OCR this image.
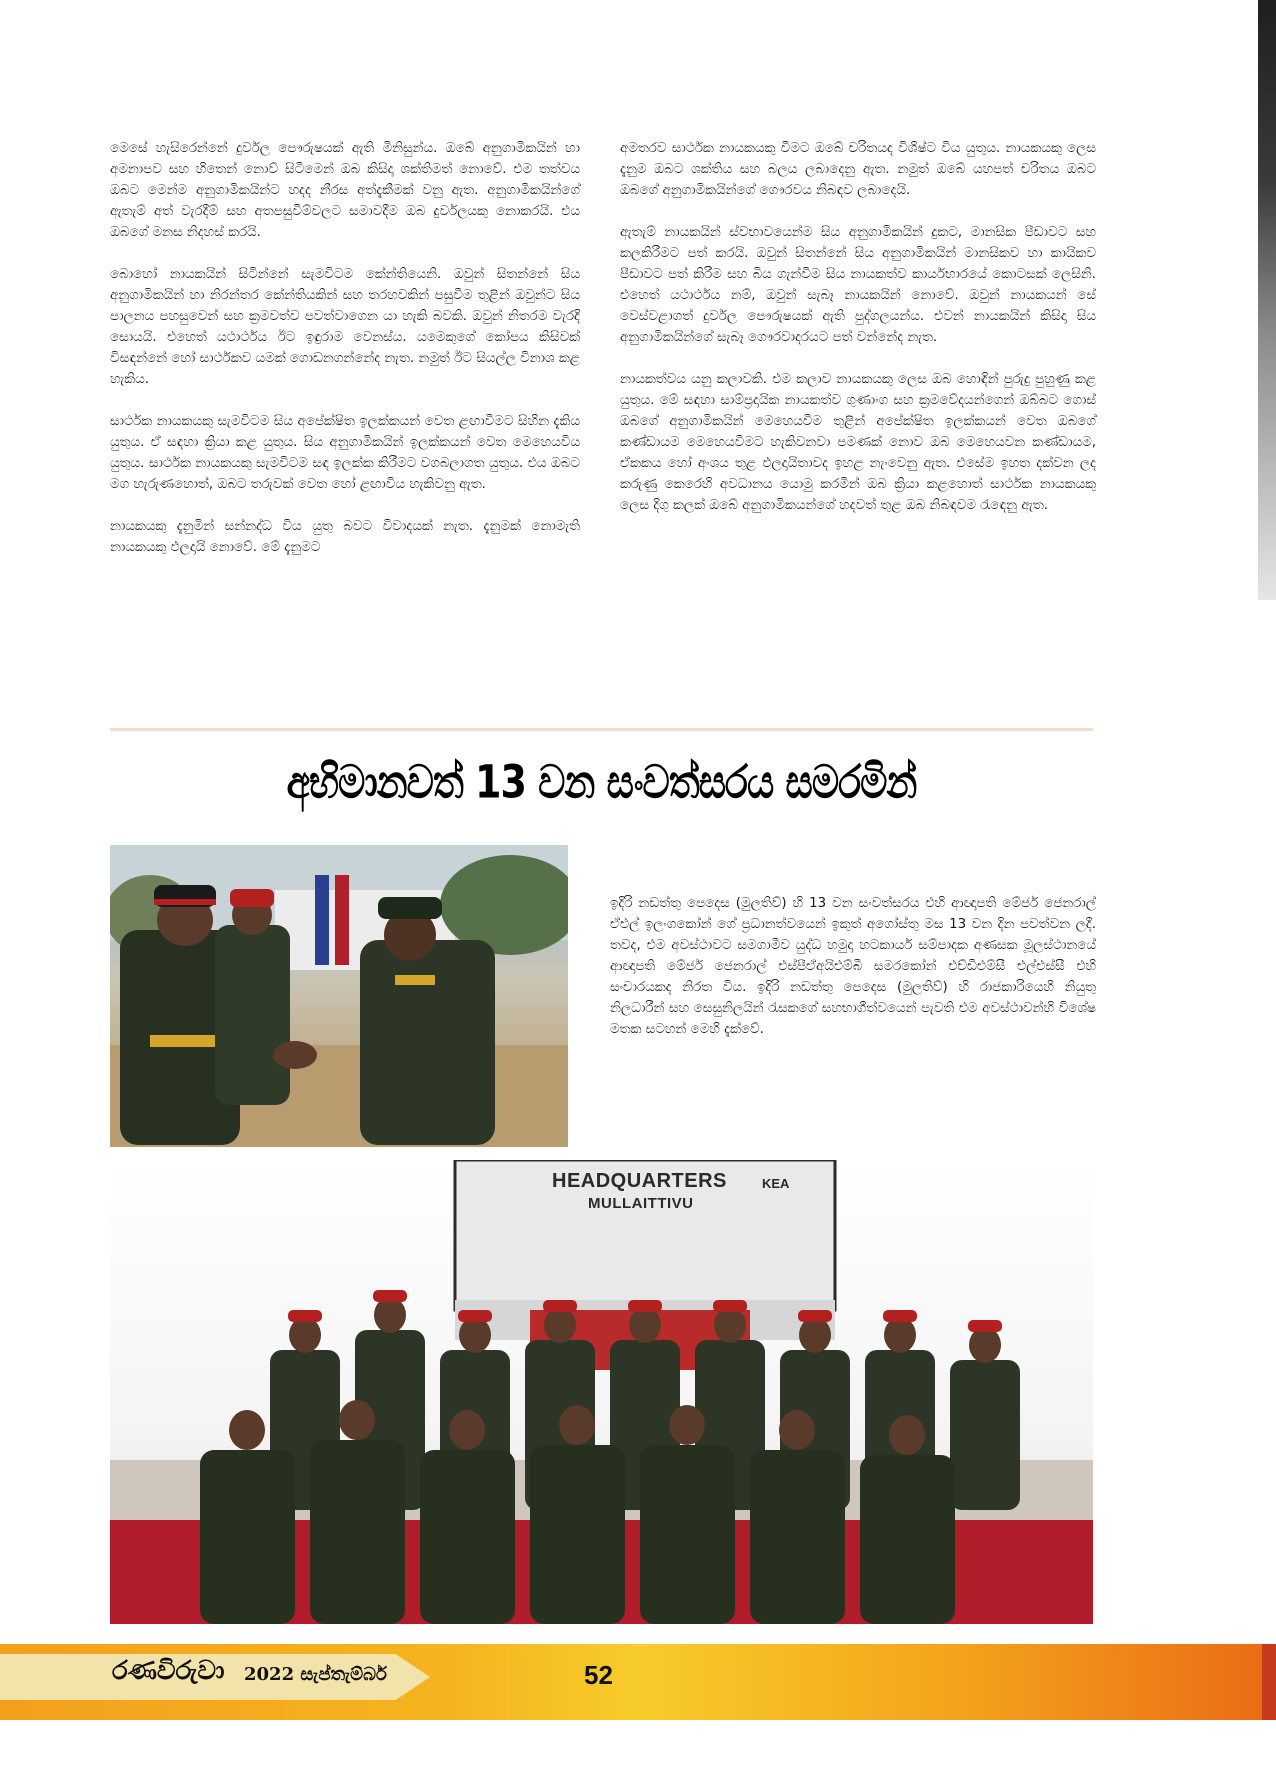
මෙසේ හැසිරෙන්නේ දුර්වල පෞරුෂයක් ඇති මිනිසුන්ය. ඔබේ අනුගාමිකයින් හා අමනාපව සහ හිතෙන් නොව් සිටීමෙන් ඔබ කිසිදා ශක්තිමත් නොවේ. එම තත්වය ඔබට මෙන්ම අනුගාමිකයින්ට හදද නීරස අත්දැකීමක් වනු ඇත. අනුගාමිකයින්ගේ ඇතැම් අත් වැරදීම් සහ අතපසුවීම්වලට සමාවදීම ඔබ දුර්වලයකු නොකරයි. එය ඔබගේ මනස නිදහස් කරයි.

බොහෝ නායකයින් සිටින්නේ සැමවිටම කේන්තියෙනි. ඔවුන් සිතන්නේ සිය අනුගාමිකයින් හා නිරන්තර කේන්තියකින් සහ තරහවකින් පසුවීම තුළින් ඔවුන්ට සිය පාලනය පහසුවෙන් සහ ක්‍රමවත්ව පවත්වාගෙන යා හැකි බවකි. ඔවුන් නිතරම වැරදි සොයයි. එහෙත් යථාර්ථය ඊට ඉඳුරාම වෙනස්ය. යමෙකුගේ කෝපය කිසිවක් විසඳන්නේ හෝ සාර්ථකව යමක් ගොඩනගන්නේද නැත. නමුත් ඊට සියල්ල විනාශ කළ හැකිය.

සාර්ථක නායකයකු සැමවිටම සිය අපේක්ෂිත ඉලක්කයන් වෙත ළඟාවීමට සිහින දැකිය යුතුය. ඒ සඳහා ක්‍රියා කළ යුතුය. සිය අනුගාමිකයින් ඉලක්කයන් වෙත මෙහෙයවිය යුතුය. සාර්ථක නායකයකු සැමවිටම සඳ ඉලක්ක කිරීමට වගබලාගත යුතුය. එය ඔබට මග හැරුණහොත්, ඔබට තරුවක් වෙත හෝ ළඟාවිය හැකිවනු ඇත.

නායකයකු දැනුමින් සන්නද්ධ විය යුතු බවට විවාදයක් නැත. දැනුමක් නොමැති නායකයකු ඵලදායි නොවේ. මේ දැනුමට

අමතරව සාර්ථක නායකයකු වීමට ඔබේ චරිතයද විශිෂ්ට විය යුතුය. නායකයකු ලෙස දැනුම ඔබට ශක්තිය සහ බලය ලබාදෙනු ඇත. නමුත් ඔබේ යහපත් චරිතය ඔබට ඔබගේ අනුගාමිකයින්ගේ ගෞරවය නිබඳව ලබාදෙයි.

ඇතැම් නායකයින් ස්වභාවයෙන්ම සිය අනුගාමිකයින් දුකට, මානසික පීඩාවට සහ කලකිරීමට පත් කරයි. ඔවුන් සිතන්නේ සිය අනුගාමිකයින් මානසිකව හා කායිකව පීඩාවට පත් කිරීම සහ බිය ගැන්වීම සිය නායකත්ව කාර්යභාරයේ කොටසක් ලෙසිනි. එහෙත් යථාර්ථය නම්, ඔවුන් සැබෑ නායකයින් නොවේ. ඔවුන් නායකයන් සේ වෙස්වළාගත් දුර්වල පෞරුෂයක් ඇති පුද්ගලයන්ය. එවන් නායකයින් කිසිදා සිය අනුගාමිකයින්ගේ සැබෑ ගෞරවාදරයට පත් වන්නේද නැත.

නායකත්වය යනු කලාවකි. එම කලාව නායකයකු ලෙස ඔබ හොඳින් පුරුදු පුහුණු කළ යුතුය. මේ සඳහා සාම්ප්‍රදායික නායකත්ව ගුණාංග සහ ක්‍රමවේදයන්ගෙන් ඔබ්බට ගොස් ඔබගේ අනුගාමිකයින් මෙහෙයවීම තුළින් අපේක්ෂිත ඉලක්කයන් වෙත ඔබගේ කණ්ඩායම මෙහෙයවීමට හැකිවනවා පමණක් නොව ඔබ මෙහෙයවන කණ්ඩායම, ඒකකය හෝ අංශය තුළ ඵලදායිතාවද ඉහළ නැංවෙනු ඇත. එසේම ඉහත දක්වන ලද කරුණු කෙරෙහි අවධානය යොමු කරමින් ඔබ ක්‍රියා කළහොත් සාර්ථක නායකයකු ලෙස දිගු කලක් ඔබේ අනුගාමිකයන්ගේ හදවත් තුළ ඔබ නිබඳවම රැඳෙනු ඇත.

අභිමානවත් 13 වන සංවත්සරය සමරමින්
ඉදිරි නඩත්තු පෙදෙස (මුලතිව්) හි 13 වන සංවත්සරය එහි ආඥාපති මේජර් ජෙනරාල් ඒඑල් ඉලංගකෝන් ගේ ප්‍රධානත්වයෙන් ඉකුත් අගෝස්තු මස 13 වන දින පවත්වන ලදී. තවද, එම අවස්ථාවට සමගාමීව යුද්ධ හමුදා හටකාර්ය සම්පාදක අණසක මූලස්ථානයේ ආඥාපති මේජර් ජෙනරාල් එස්පීඒඅයිඑම්බී සමරකෝන් එච්ඩීඑම්සී එල්එස්සී එහි සංචාරයකද නිරත විය. ඉදිරි නඩත්තු පෙදෙස (මුලතිව්) හි රාජකාරියෙහි නියුතු නිලධාරීන් සහ සෙසුනිලයින් රැසකගේ සහභාගීත්වයෙන් පැවති එම අවස්ථාවන්හි විශේෂ මතක සටහන් මෙහි දැක්වේ.
HEADQUARTERS
MULLAITTIVU
KEA
රණවිරුවා 2022 සැප්තැම්බර්	52
